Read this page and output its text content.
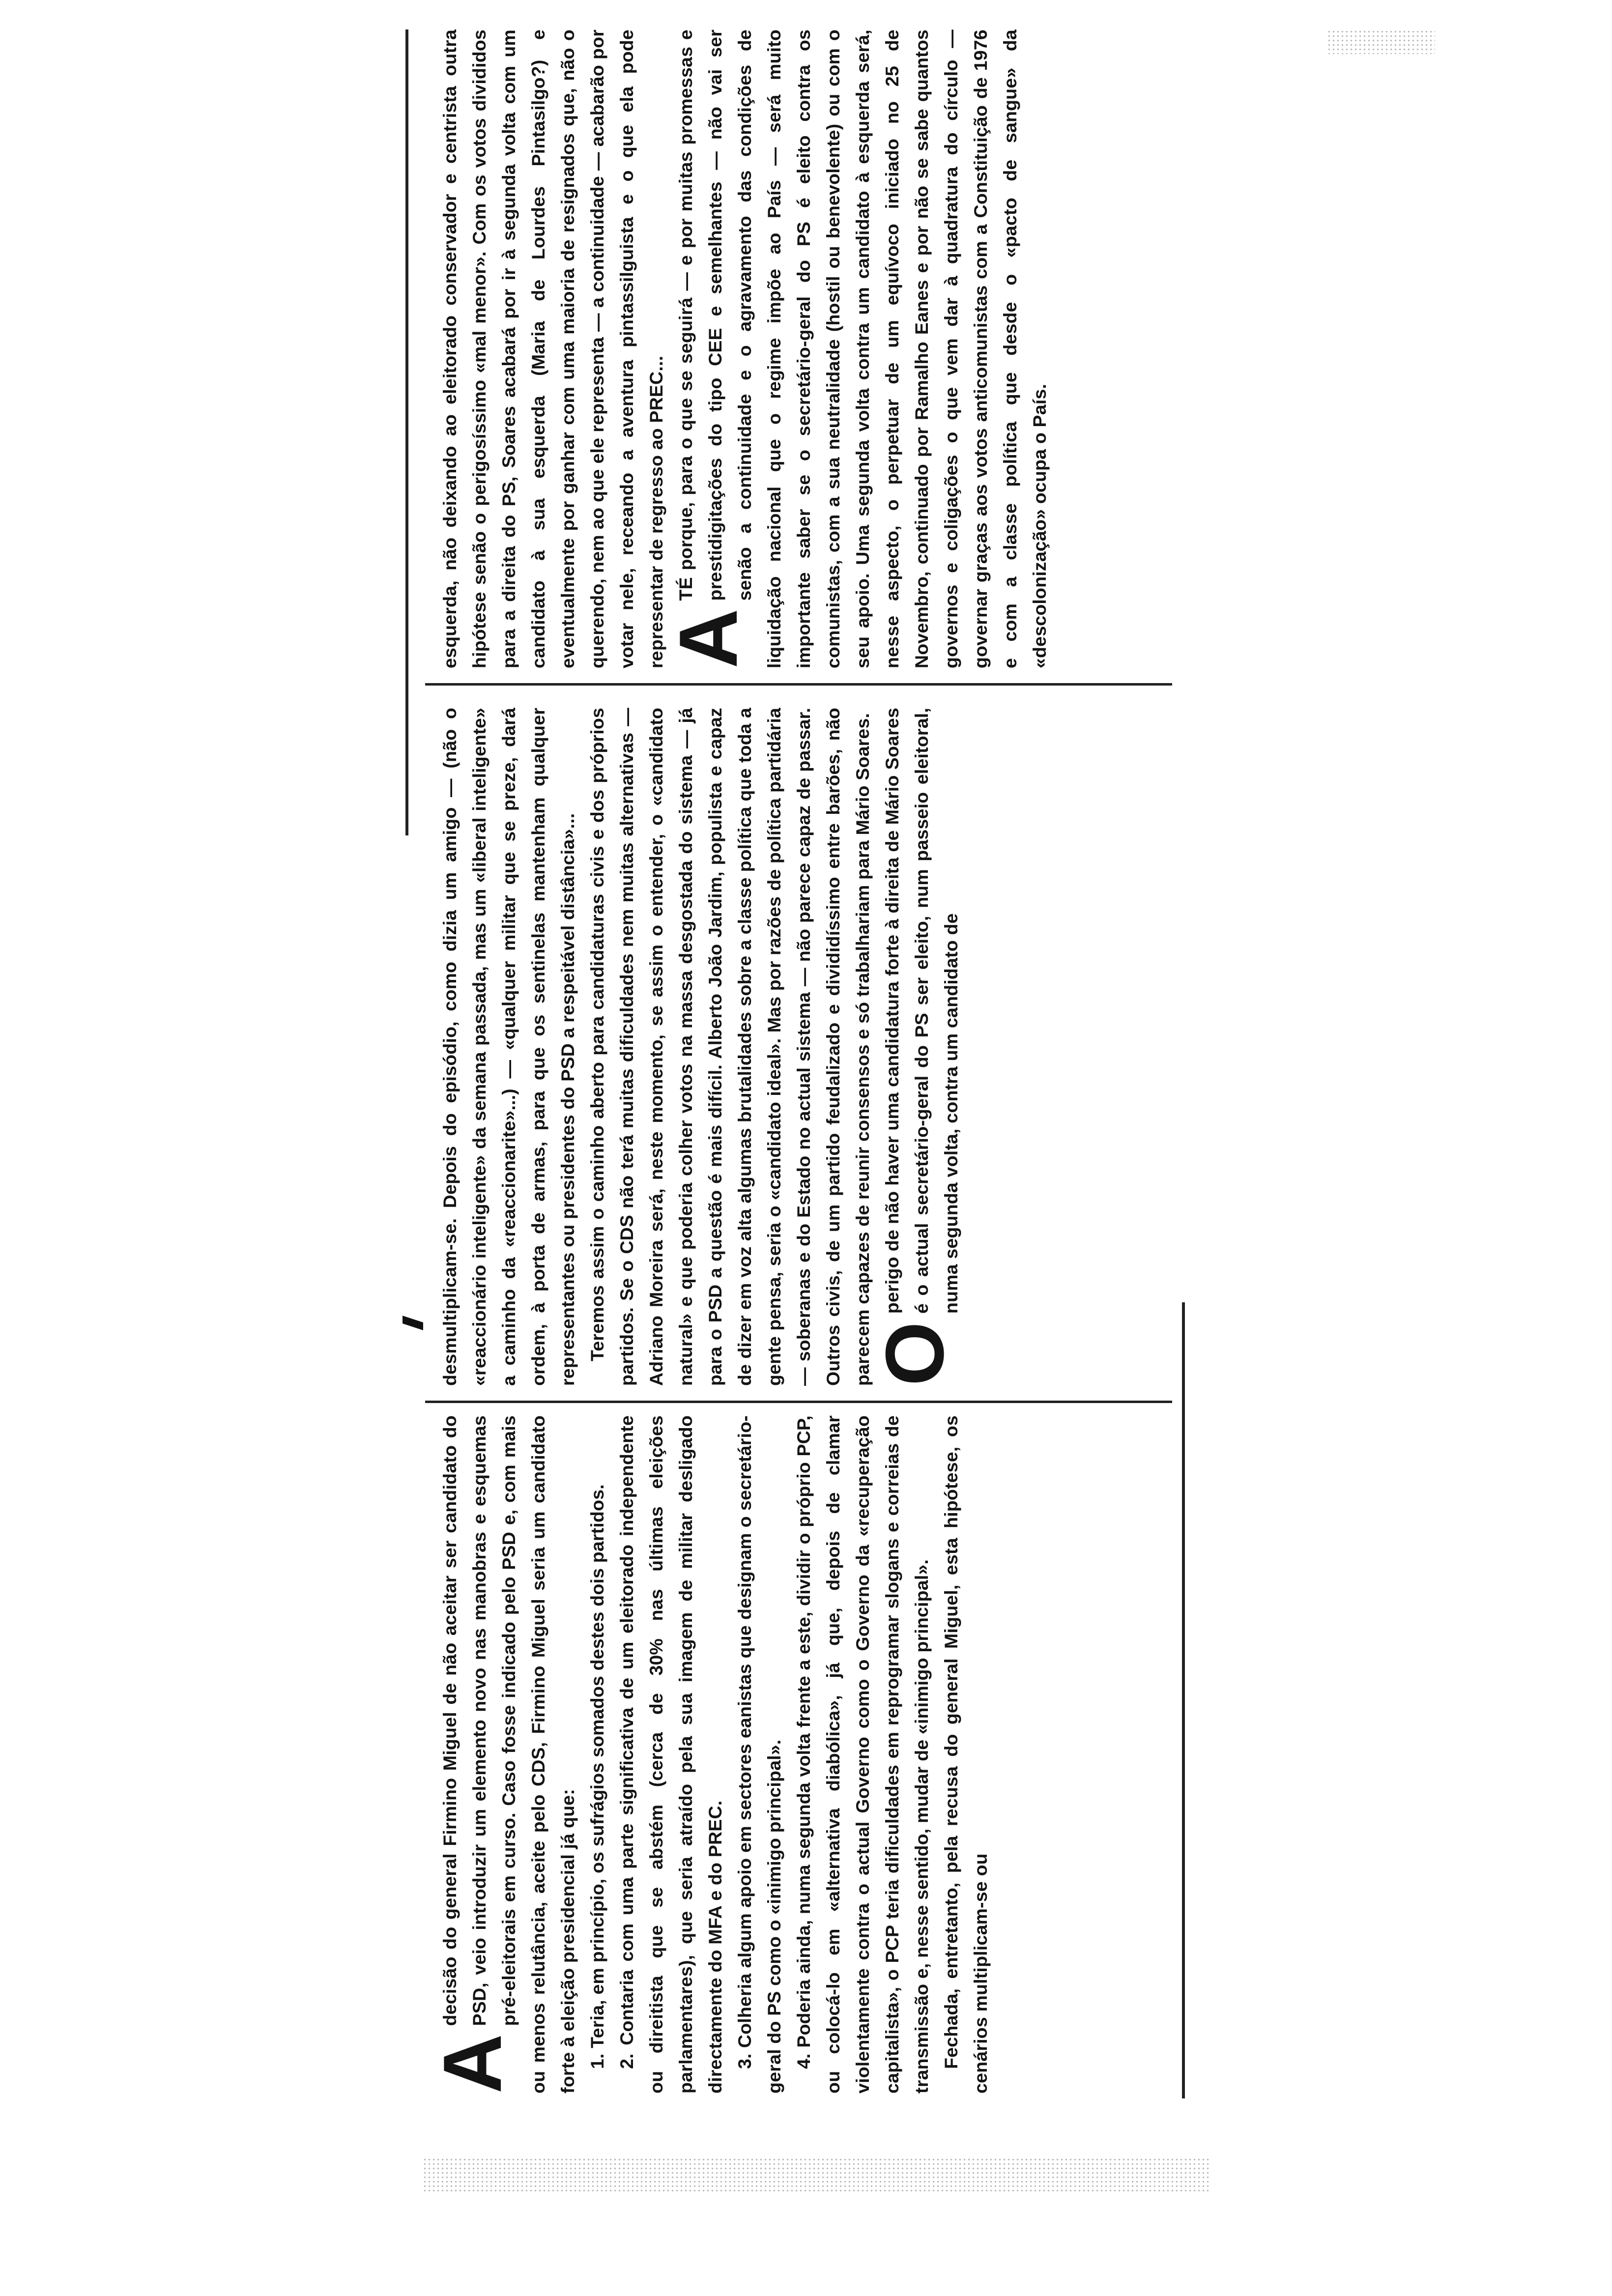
A
decisão do general Firmino Miguel de não aceitar ser candidato do PSD, veio introduzir um elemento novo nas manobras e esquemas pré-eleitorais em curso. Caso fosse indicado pelo PSD e, com mais ou menos relutância, aceite pelo CDS, Firmino Miguel seria um candidato forte à eleição presidencial já que: 1. Teria, em princípio, os sufrágios somados destes dois partidos. 2. Contaria com uma parte significativa de um eleitorado independente ou direitista que se abstém (cerca de 30% nas últimas eleições parlamentares), que seria atraído pela sua imagem de militar desligado directamente do MFA e do PREC. 3. Colheria algum apoio em sectores eanistas que designam o secretário-geral do PS como o «inimigo principal». 4. Poderia ainda, numa segunda volta frente a este, dividir o próprio PCP, ou colocá-lo em «alternativa diabólica», já que, depois de clamar violentamente contra o actual Governo como o Governo da «recuperação capitalista», o PCP teria dificuldades em reprogramar slogans e correias de transmissão e, nesse sentido, mudar de «inimigo principal». Fechada, entretanto, pela recusa do general Miguel, esta hipótese, os cenários multiplicam-se ou

desmultiplicam-se. Depois do episódio, como dizia um amigo — (não o «reaccionário inteligente» da semana passada, mas um «liberal inteligente» a caminho da «reaccionarite»...) — «qualquer militar que se preze, dará ordem, à porta de armas, para que os sentinelas mantenham qualquer representantes ou presidentes do PSD a respeitável distância»... Teremos assim o caminho aberto para candidaturas civis e dos próprios partidos. Se o CDS não terá muitas dificuldades nem muitas alternativas — Adriano Moreira será, neste momento, se assim o entender, o «candidato natural» e que poderia colher votos na massa desgostada do sistema — já para o PSD a questão é mais difícil. Alberto João Jardim, populista e capaz de dizer em voz alta algumas brutalidades sobre a classe política que toda a gente pensa, seria o «candidato ideal». Mas por razões de política partidária — soberanas e do Estado no actual sistema — não parece capaz de passar. Outros civis, de um partido feudalizado e divididíssimo entre barões, não parecem capazes de reunir consensos e só trabalhariam para Mário Soares.

O
perigo de não haver uma candidatura forte à direita de Mário Soares é o actual secretário-geral do PS ser eleito, num passeio eleitoral, numa segunda volta, contra um candidato de

esquerda, não deixando ao eleitorado conservador e centrista outra hipótese senão o perigosíssimo «mal menor». Com os votos divididos para a direita do PS, Soares acabará por ir à segunda volta com um candidato à sua esquerda (Maria de Lourdes Pintasilgo?) e eventualmente por ganhar com uma maioria de resignados que, não o querendo, nem ao que ele representa — a continuidade — acabarão por votar nele, receando a aventura pintassilguista e o que ela pode representar de regresso ao PREC...

A
TÉ porque, para o que se seguirá — e por muitas promessas e prestidigitações do tipo CEE e semelhantes — não vai ser senão a continuidade e o agravamento das condições de liquidação nacional que o regime impõe ao País — será muito importante saber se o secretário-geral do PS é eleito contra os comunistas, com a sua neutralidade (hostil ou benevolente) ou com o seu apoio. Uma segunda volta contra um candidato à esquerda será, nesse aspecto, o perpetuar de um equívoco iniciado no 25 de Novembro, continuado por Ramalho Eanes e por não se sabe quantos governos e coligações o que vem dar à quadratura do círculo — governar graças aos votos anticomunistas com a Constituição de 1976 e com a classe política que desde o «pacto de sangue» da «descolonização» ocupa o País.
